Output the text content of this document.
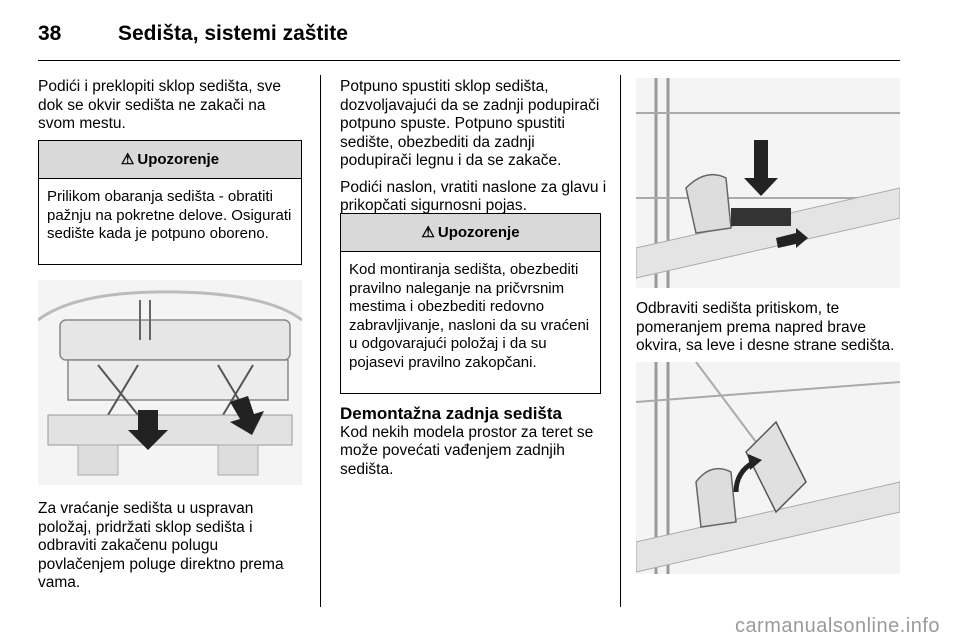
38	Sedišta, sistemi zaštite

Podići i preklopiti sklop sedišta, sve dok se okvir sedišta ne zakači na svom mestu.

⚠ Upozorenje
Prilikom obaranja sedišta - obratiti pažnju na pokretne delove. Osigurati sedište kada je potpuno oboreno.

Za vraćanje sedišta u uspravan položaj, pridržati sklop sedišta i odbraviti zakačenu polugu povlačenjem poluge direktno prema vama.

Potpuno spustiti sklop sedišta, dozvoljavajući da se zadnji podupirači potpuno spuste. Potpuno spustiti sedište, obezbediti da zadnji podupirači legnu i da se zakače.

Podići naslon, vratiti naslone za glavu i prikopčati sigurnosni pojas.

⚠ Upozorenje
Kod montiranja sedišta, obezbediti pravilno naleganje na pričvrsnim mestima i obezbediti redovno zabravljivanje, nasloni da su vraćeni u odgovarajući položaj i da su pojasevi pravilno zakopčani.
Demontažna zadnja sedišta

Kod nekih modela prostor za teret se može povećati vađenjem zadnjih sedišta.

Odbraviti sedišta pritiskom, te pomeranjem prema napred brave okvira, sa leve i desne strane sedišta.

carmanualsonline.info
